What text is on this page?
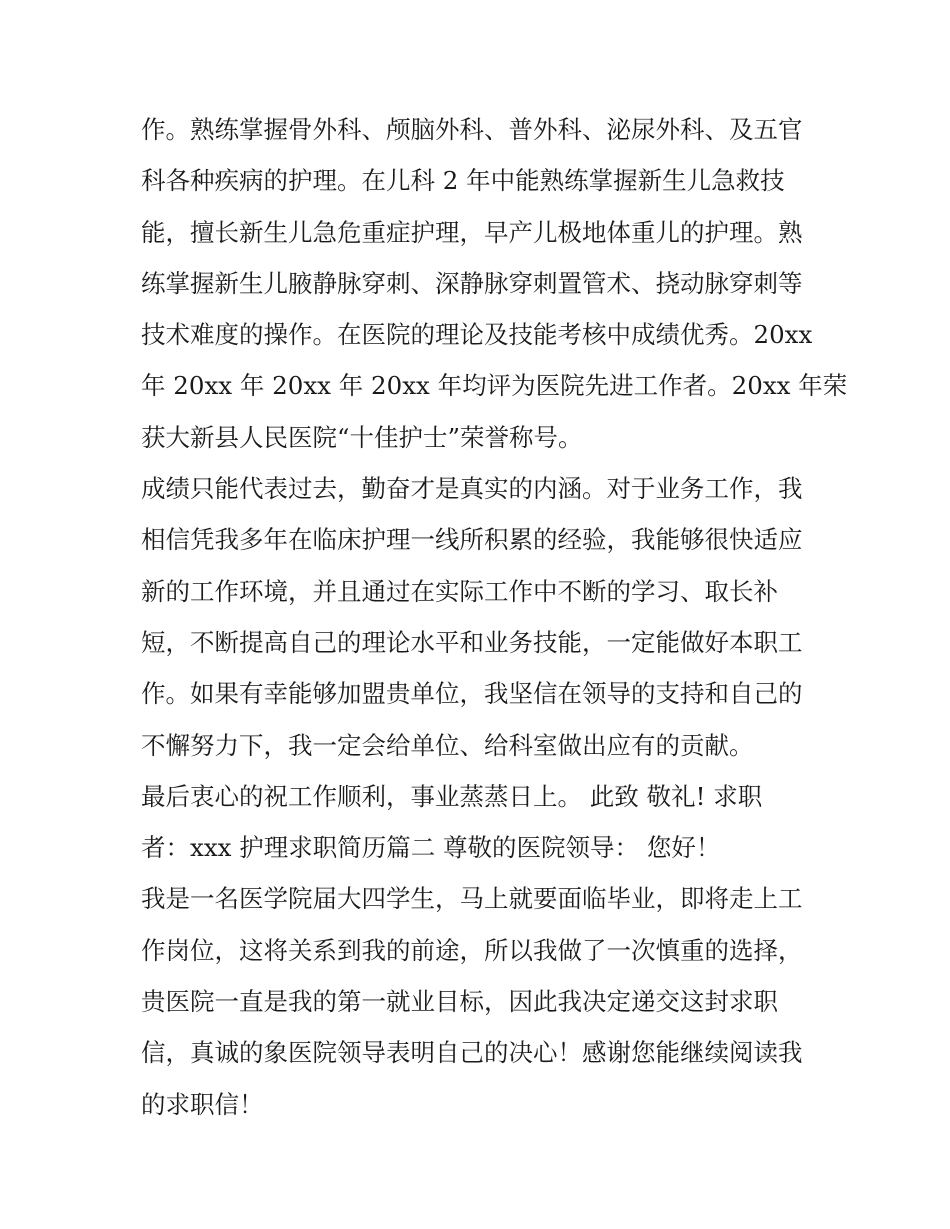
作。熟练掌握骨外科、颅脑外科、普外科、泌尿外科、及五官
科各种疾病的护理。在儿科 2 年中能熟练掌握新生儿急救技
能，擅长新生儿急危重症护理，早产儿极地体重儿的护理。熟
练掌握新生儿腋静脉穿刺、深静脉穿刺置管术、挠动脉穿刺等
技术难度的操作。在医院的理论及技能考核中成绩优秀。20xx
年 20xx 年 20xx 年 20xx 年均评为医院先进工作者。20xx 年荣
获大新县人民医院“十佳护士”荣誉称号。
成绩只能代表过去，勤奋才是真实的内涵。对于业务工作，我
相信凭我多年在临床护理一线所积累的经验，我能够很快适应
新的工作环境，并且通过在实际工作中不断的学习、取长补
短，不断提高自己的理论水平和业务技能，一定能做好本职工
作。如果有幸能够加盟贵单位，我坚信在领导的支持和自己的
不懈努力下，我一定会给单位、给科室做出应有的贡献。
最后衷心的祝工作顺利，事业蒸蒸日上。 此致 敬礼! 求职
者：xxx 护理求职简历篇二 尊敬的医院领导： 您好！
我是一名医学院届大四学生，马上就要面临毕业，即将走上工
作岗位，这将关系到我的前途，所以我做了一次慎重的选择，
贵医院一直是我的第一就业目标，因此我决定递交这封求职
信，真诚的象医院领导表明自己的决心！感谢您能继续阅读我
的求职信！
